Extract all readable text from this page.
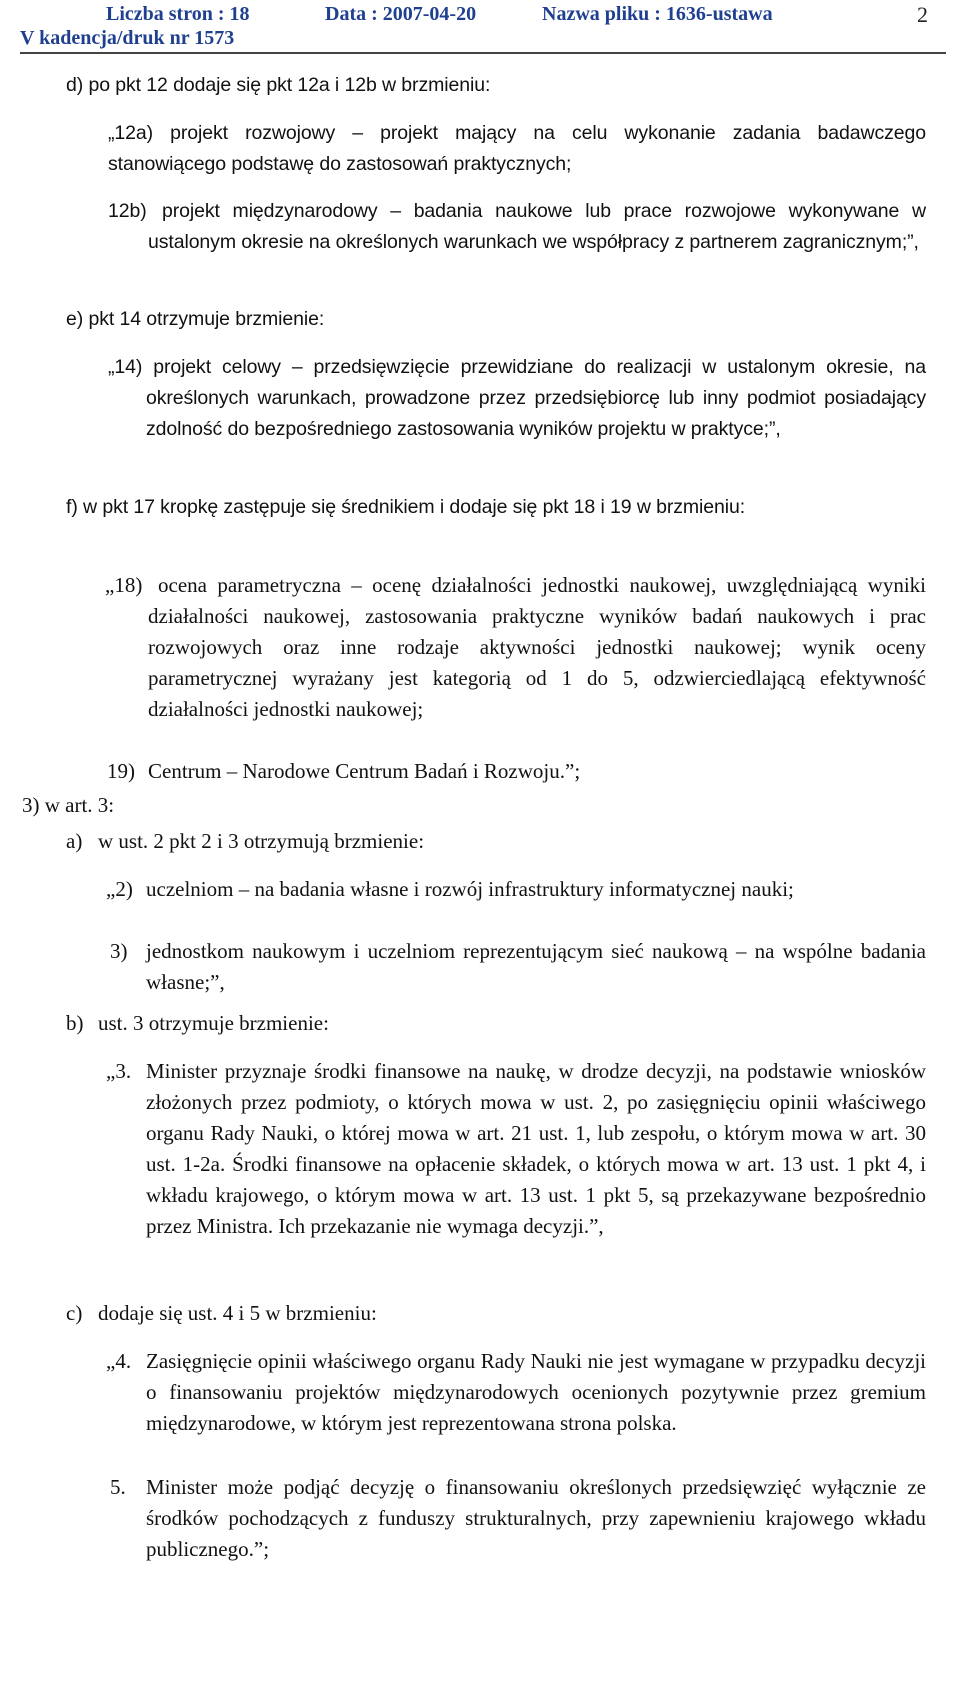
Liczba stron : 18	Data : 2007-04-20	Nazwa pliku : 1636-ustawa
V kadencja/druk nr 1573
2
d) po pkt 12 dodaje się pkt 12a i 12b w brzmieniu:
„12a) projekt rozwojowy – projekt mający na celu wykonanie zadania badawczego stanowiącego podstawę do zastosowań praktycznych;
12b) projekt międzynarodowy – badania naukowe lub prace rozwojowe wykonywane w ustalonym okresie na określonych warunkach we współpracy z partnerem zagranicznym;”,
e) pkt 14 otrzymuje brzmienie:
„14) projekt celowy – przedsięwzięcie przewidziane do realizacji w ustalonym okresie, na określonych warunkach, prowadzone przez przedsiębiorcę lub inny podmiot posiadający zdolność do bezpośredniego zastosowania wyników projektu w praktyce;”,
f) w pkt 17 kropkę zastępuje się średnikiem i dodaje się pkt 18 i 19 w brzmieniu:
„18) ocena parametryczna – ocenę działalności jednostki naukowej, uwzględniającą wyniki działalności naukowej, zastosowania praktyczne wyników badań naukowych i prac rozwojowych oraz inne rodzaje aktywności jednostki naukowej; wynik oceny parametrycznej wyrażany jest kategorią od 1 do 5, odzwierciedlającą efektywność działalności jednostki naukowej;
19) Centrum – Narodowe Centrum Badań i Rozwoju.”;
3) w art. 3:
a) w ust. 2 pkt 2 i 3 otrzymują brzmienie:
„2) uczelniom – na badania własne i rozwój infrastruktury informatycznej nauki;
3) jednostkom naukowym i uczelniom reprezentującym sieć naukową – na wspólne badania własne;”,
b) ust. 3 otrzymuje brzmienie:
„3. Minister przyznaje środki finansowe na naukę, w drodze decyzji, na podstawie wniosków złożonych przez podmioty, o których mowa w ust. 2, po zasięgnięciu opinii właściwego organu Rady Nauki, o której mowa w art. 21 ust. 1, lub zespołu, o którym mowa w art. 30 ust. 1-2a. Środki finansowe na opłacenie składek, o których mowa w art. 13 ust. 1 pkt 4, i wkładu krajowego, o którym mowa w art. 13 ust. 1 pkt 5, są przekazywane bezpośrednio przez Ministra. Ich przekazanie nie wymaga decyzji.”,
c) dodaje się ust. 4 i 5 w brzmieniu:
„4. Zasięgnięcie opinii właściwego organu Rady Nauki nie jest wymagane w przypadku decyzji o finansowaniu projektów międzynarodowych ocenionych pozytywnie przez gremium międzynarodowe, w którym jest reprezentowana strona polska.
5. Minister może podjąć decyzję o finansowaniu określonych przedsięwzięć wyłącznie ze środków pochodzących z funduszy strukturalnych, przy zapewnieniu krajowego wkładu publicznego.”;
